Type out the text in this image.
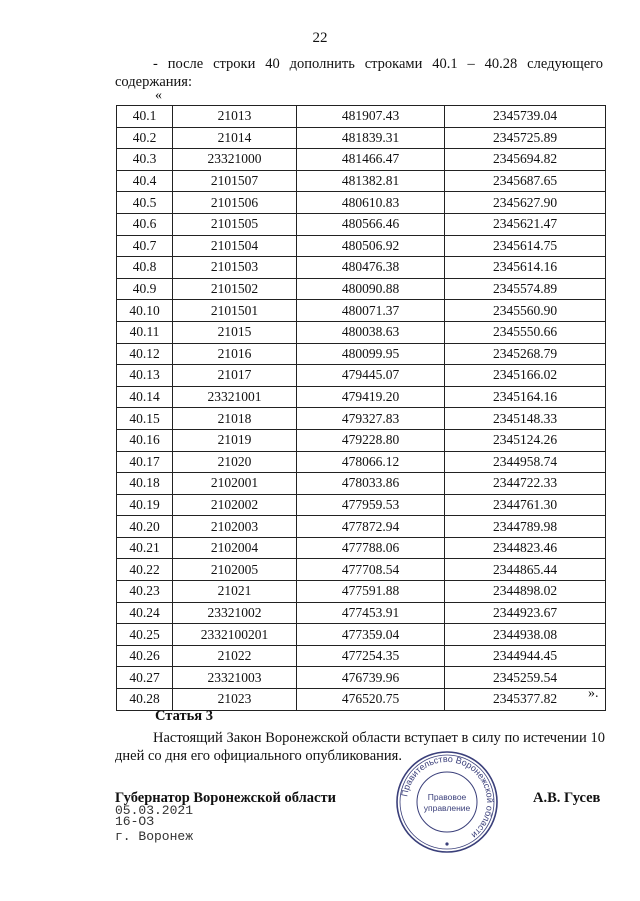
22
- после строки 40 дополнить строками 40.1 – 40.28 следующего содержания:
«
40.1	21013	481907.43	2345739.04
40.2	21014	481839.31	2345725.89
40.3	23321000	481466.47	2345694.82
40.4	2101507	481382.81	2345687.65
40.5	2101506	480610.83	2345627.90
40.6	2101505	480566.46	2345621.47
40.7	2101504	480506.92	2345614.75
40.8	2101503	480476.38	2345614.16
40.9	2101502	480090.88	2345574.89
40.10	2101501	480071.37	2345560.90
40.11	21015	480038.63	2345550.66
40.12	21016	480099.95	2345268.79
40.13	21017	479445.07	2345166.02
40.14	23321001	479419.20	2345164.16
40.15	21018	479327.83	2345148.33
40.16	21019	479228.80	2345124.26
40.17	21020	478066.12	2344958.74
40.18	2102001	478033.86	2344722.33
40.19	2102002	477959.53	2344761.30
40.20	2102003	477872.94	2344789.98
40.21	2102004	477788.06	2344823.46
40.22	2102005	477708.54	2344865.44
40.23	21021	477591.88	2344898.02
40.24	23321002	477453.91	2344923.67
40.25	2332100201	477359.04	2344938.08
40.26	21022	477254.35	2344944.45
40.27	23321003	476739.96	2345259.54
40.28	21023	476520.75	2345377.82 ».
Статья 3
Настоящий Закон Воронежской области вступает в силу по истечении 10 дней со дня его официального опубликования.
Губернатор Воронежской области	А.В. Гусев
05.03.2021
16-ОЗ
г. Воронеж
Правительство Воронежской области
Правовое
управление
